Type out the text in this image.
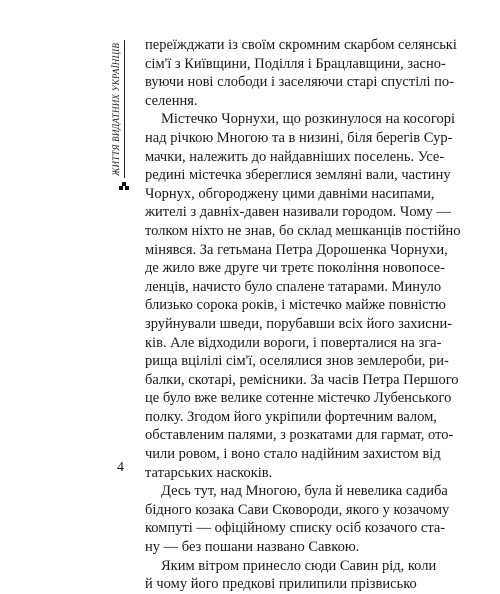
ЖИТТЯ ВИДАТНИХ УКРАЇНЦІВ переїжджати із своїм скромним скарбом селянські
сім'ї з Київщини, Поділля і Брацлавщини, засно-
вуючи нові слободи і заселяючи старі спустілі по-
селення.

Містечко Чорнухи, що розкинулося на косогорі
над річкою Многою та в низині, біля берегів Сур-
мачки, належить до найдавніших поселень. Усе-
редині містечка збереглися земляні вали, частину
Чорнух, обгороджену цими давніми насипами,
жителі з давніх-давен називали городом. Чому —
толком ніхто не знав, бо склад мешканців постійно
мінявся. За гетьмана Петра Дорошенка Чорнухи,
де жило вже друге чи третє покоління новопосе-
ленців, начисто було спалене татарами. Минуло
близько сорока років, і містечко майже повністю
зруйнували шведи, порубавши всіх його захисни-
ків. Але відходили вороги, і поверталися на зга-
рища вцілілі сім'ї, оселялися знов землероби, ри-
балки, скотарі, ремісники. За часів Петра Першого
це було вже велике сотенне містечко Лубенського
полку. Згодом його укріпили фортечним валом,
обставленим палями, з розкатами для гармат, ото-
чили ровом, і воно стало надійним захистом від
татарських наскоків.

Десь тут, над Многою, була й невелика садиба
бідного козака Сави Сковороди, якого у козачому
компуті — офіційному списку осіб козачого ста-
ну — без пошани названо Савкою.

Яким вітром принесло сюди Савин рід, коли
й чому його предкові прилипили прізвисько

4
